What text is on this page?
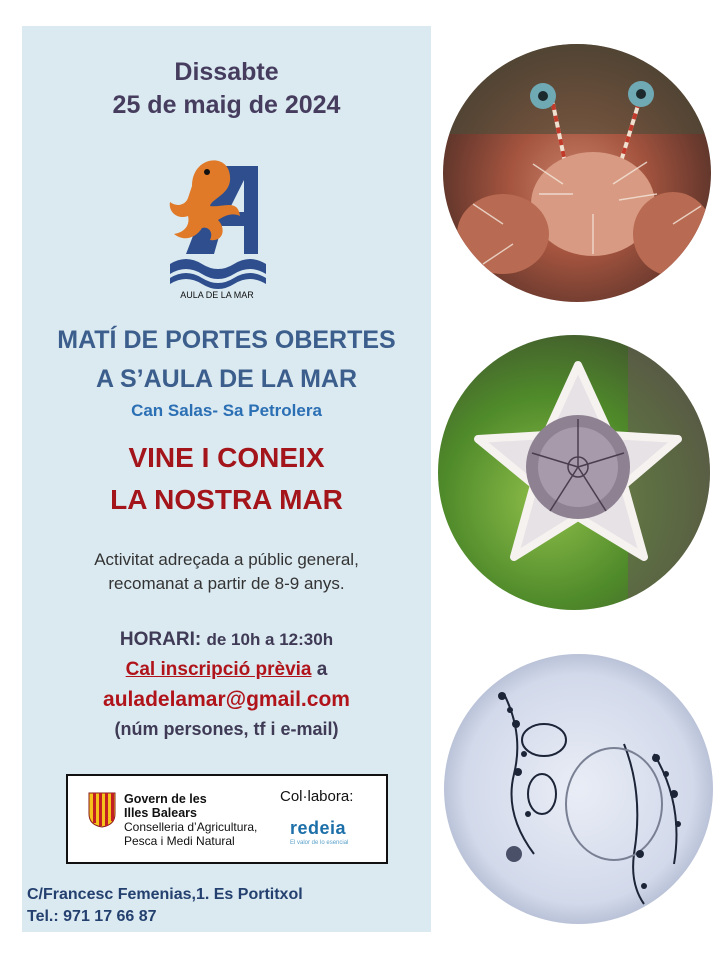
Dissabte
25 de maig de 2024
AULA DE LA MAR
MATÍ DE PORTES OBERTES
A S’AULA DE LA MAR
Can Salas- Sa Petrolera
VINE I CONEIX
LA NOSTRA MAR
Activitat adreçada a públic general,
recomanat a partir de 8-9 anys.
HORARI: de 10h a 12:30h
Cal inscripció prèvia a
auladelamar@gmail.com
(núm persones, tf i e-mail)
Govern de les
Illes Balears
Conselleria d’Agricultura,
Pesca i Medi Natural
Col·labora:
redeia
El valor de lo esencial
C/Francesc Femenias,1. Es Portitxol
Tel.: 971 17 66 87
